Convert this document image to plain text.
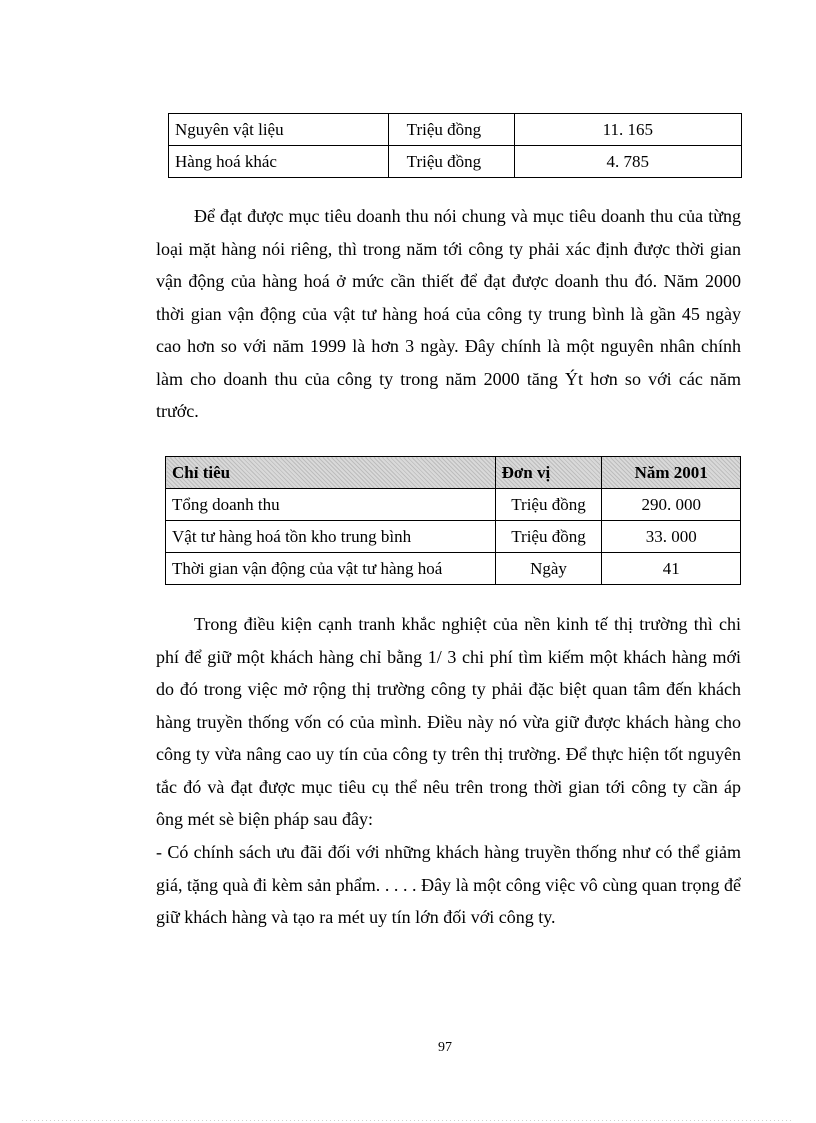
Nguyên vật liệu	Triệu đồng	11. 165
Hàng hoá khác	Triệu đồng	4. 785

Để đạt được mục tiêu doanh thu nói chung và mục tiêu doanh thu của từng loại mặt hàng nói riêng, thì trong năm tới công ty phải xác định được thời gian vận động của hàng hoá ở mức cần thiết để đạt được doanh thu đó. Năm 2000 thời gian vận động của vật tư hàng hoá của công ty trung bình là gần 45 ngày cao hơn so với năm 1999 là hơn 3 ngày. Đây chính là một nguyên nhân chính làm cho doanh thu của công ty trong năm 2000 tăng Ýt hơn so với các năm trước.

Chỉ tiêu	Đơn vị	Năm 2001
Tổng doanh thu	Triệu đồng	290. 000
Vật tư hàng hoá tồn kho trung bình	Triệu đồng	33. 000
Thời gian vận động của vật tư hàng hoá	Ngày	41

Trong điều kiện cạnh tranh khắc nghiệt của nền kinh tế thị trường thì chi phí để giữ một khách hàng chỉ bằng 1/ 3 chi phí tìm kiếm một khách hàng mới do đó trong việc mở rộng thị trường công ty phải đặc biệt quan tâm đến khách hàng truyền thống vốn có của mình. Điều này nó vừa giữ được khách hàng cho công ty vừa nâng cao uy tín của công ty trên thị trường. Để thực hiện tốt nguyên tắc đó và đạt được mục tiêu cụ thể nêu trên trong thời gian tới công ty cần áp ông mét sè biện pháp sau đây:

- Có chính sách ưu đãi đối với những khách hàng truyền thống như có thể giảm giá, tặng quà đi kèm sản phẩm. . . . . Đây là một công việc vô cùng quan trọng để giữ khách hàng và tạo ra mét uy tín lớn đối với công ty.

97
